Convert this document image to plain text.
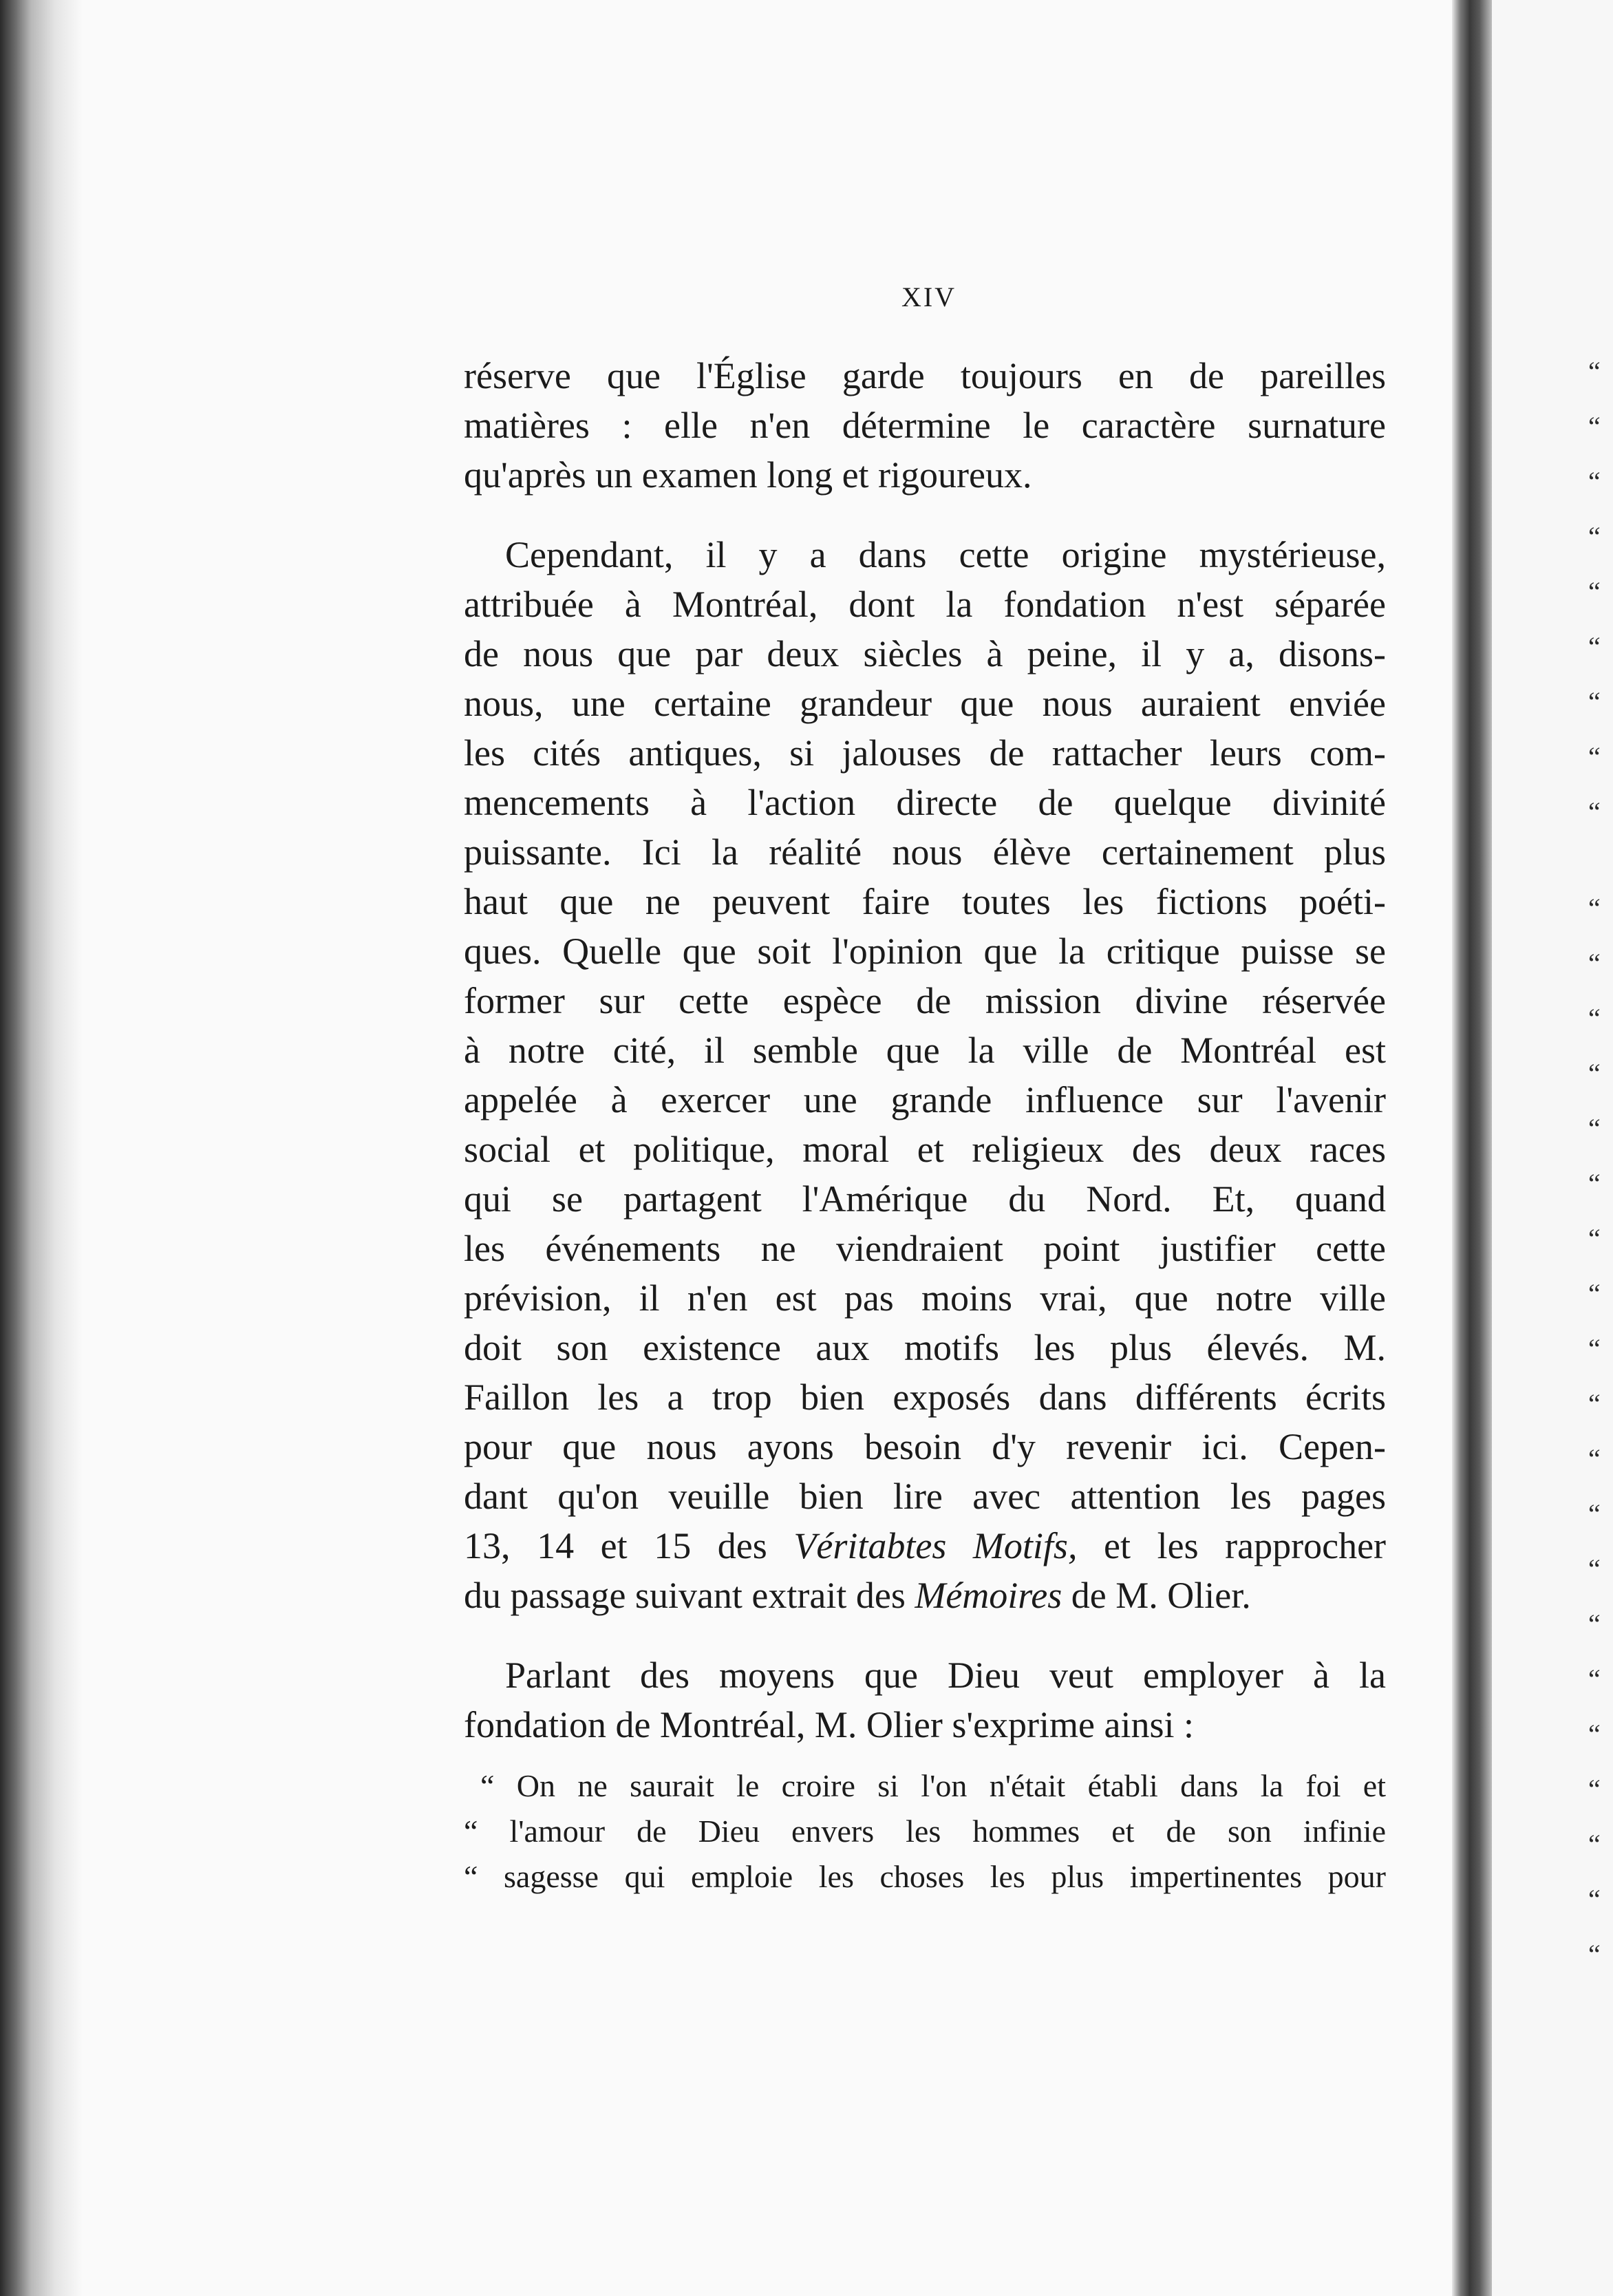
“
“
“
“
“
“
“
“
“
“
“
“
“
“
“
“
“
“
“
“
“
“
“
“
“
“
“
“
“
XIV
réserve que l'Église garde toujours en de pareilles
matières : elle n'en détermine le caractère surnature
qu'après un examen long et rigoureux.
Cependant, il y a dans cette origine mystérieuse,
attribuée à Montréal, dont la fondation n'est séparée
de nous que par deux siècles à peine, il y a, disons-
nous, une certaine grandeur que nous auraient enviée
les cités antiques, si jalouses de rattacher leurs com-
mencements à l'action directe de quelque divinité
puissante. Ici la réalité nous élève certainement plus
haut que ne peuvent faire toutes les fictions poéti-
ques. Quelle que soit l'opinion que la critique puisse se
former sur cette espèce de mission divine réservée
à notre cité, il semble que la ville de Montréal est
appelée à exercer une grande influence sur l'avenir
social et politique, moral et religieux des deux races
qui se partagent l'Amérique du Nord. Et, quand
les événements ne viendraient point justifier cette
prévision, il n'en est pas moins vrai, que notre ville
doit son existence aux motifs les plus élevés. M.
Faillon les a trop bien exposés dans différents écrits
pour que nous ayons besoin d'y revenir ici. Cepen-
dant qu'on veuille bien lire avec attention les pages
13, 14 et 15 des Véritabtes Motifs, et les rapprocher
du passage suivant extrait des Mémoires de M. Olier.
Parlant des moyens que Dieu veut employer à la
fondation de Montréal, M. Olier s'exprime ainsi :
“ On ne saurait le croire si l'on n'était établi dans la foi et
“ l'amour de Dieu envers les hommes et de son infinie
“ sagesse qui emploie les choses les plus impertinentes pour
